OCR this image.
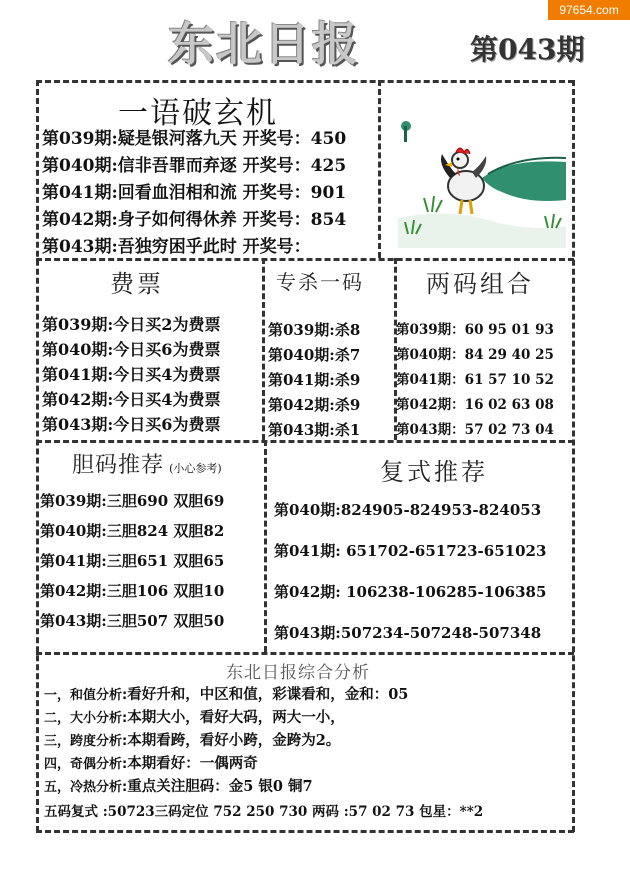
97654.com
东北日报	第043期
一语破玄机
第039期:疑是银河落九天 开奖号：450
第040期:信非吾罪而弃逐 开奖号：425
第041期:回看血泪相和流 开奖号：901
第042期:身子如何得休养 开奖号：854
第043期:吾独穷困乎此时 开奖号：
费票
第039期:今日买2为费票
第040期:今日买6为费票
第041期:今日买4为费票
第042期:今日买4为费票
第043期:今日买6为费票
专杀一码
第039期:杀8
第040期:杀7
第041期:杀9
第042期:杀9
第043期:杀1
两码组合
第039期：60 95 01 93
第040期：84 29 40 25
第041期：61 57 10 52
第042期：16 02 63 08
第043期：57 02 73 04
胆码推荐 (小心参考)
第039期:三胆690 双胆69
第040期:三胆824 双胆82
第041期:三胆651 双胆65
第042期:三胆106 双胆10
第043期:三胆507 双胆50
复式推荐
第040期:824905-824953-824053
第041期: 651702-651723-651023
第042期: 106238-106285-106385
第043期:507234-507248-507348
东北日报综合分析
一，和值分析:看好升和，中区和值，彩谍看和，金和：05
二，大小分析:本期大小，看好大码，两大一小，
三，跨度分析:本期看跨，看好小跨，金跨为2。
四，奇偶分析:本期看好：一偶两奇
五，冷热分析:重点关注胆码：金5 银0 铜7
五码复式 :50723三码定位 752 250 730 两码 :57 02 73 包星：**2
